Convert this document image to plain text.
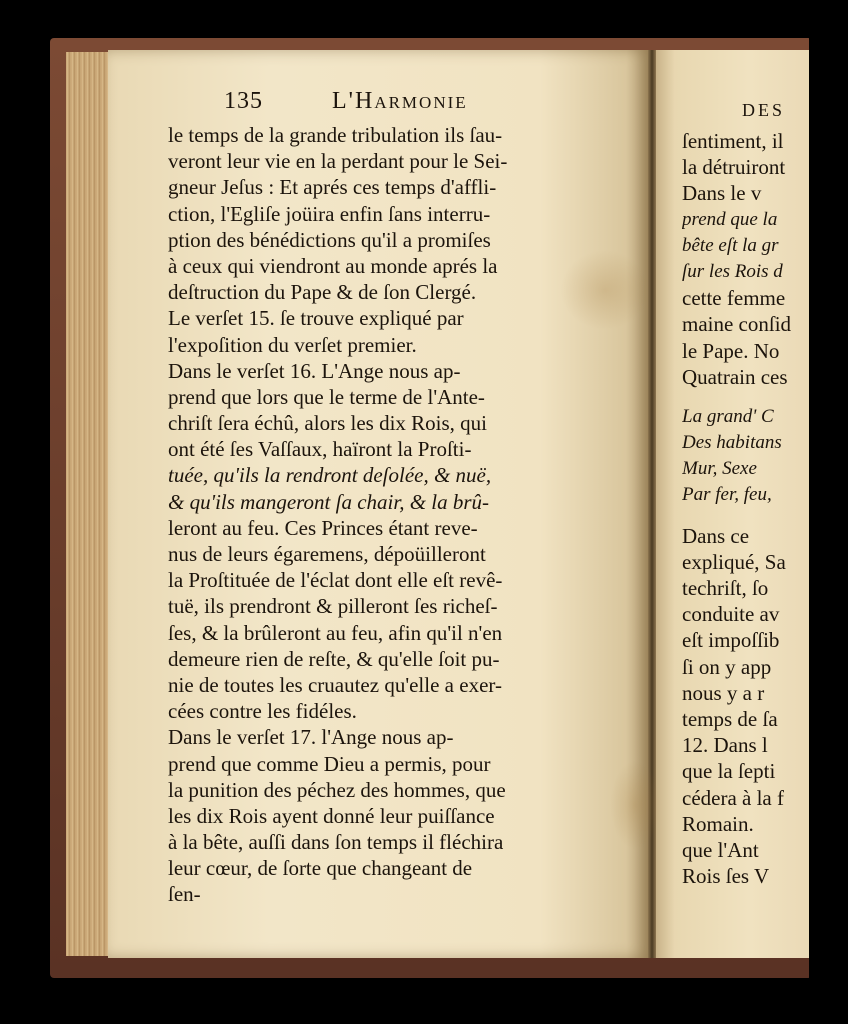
135	L'Harmonie
le temps de la grande tribulation ils ſau-
veront leur vie en la perdant pour le Sei-
gneur Jeſus : Et aprés ces temps d'affli-
ction, l'Egliſe joüira enfin ſans interru-
ption des bénédictions qu'il a promiſes
à ceux qui viendront au monde aprés la
deſtruction du Pape & de ſon Clergé.
Le verſet 15. ſe trouve expliqué par
l'expoſition du verſet premier.
Dans le verſet 16. L'Ange nous ap-
prend que lors que le terme de l'Ante-
chriſt ſera échû, alors les dix Rois, qui
ont été ſes Vaſſaux, haïront la Proſti-
tuée, qu'ils la rendront deſolée, & nuë,
& qu'ils mangeront ſa chair, & la brû-
leront au feu. Ces Princes étant reve-
nus de leurs égaremens, dépoüilleront
la Proſtituée de l'éclat dont elle eſt revê-
tuë, ils prendront & pilleront ſes richeſ-
ſes, & la brûleront au feu, afin qu'il n'en
demeure rien de reſte, & qu'elle ſoit pu-
nie de toutes les cruautez qu'elle a exer-
cées contre les fidéles.
Dans le verſet 17. l'Ange nous ap-
prend que comme Dieu a permis, pour
la punition des péchez des hommes, que
les dix Rois ayent donné leur puiſſance
à la bête, auſſi dans ſon temps il fléchira
leur cœur, de ſorte que changeant de
ſen-
DES
ſentiment, il
la détruiront
Dans le v
prend que la
bête eſt la gr
ſur les Rois d
cette femme
maine conſid
le Pape. No
Quatrain ces
La grand' C
Des habitans
Mur, Sexe
Par fer, feu,
Dans ce
expliqué, Sa
techriſt, ſo
conduite av
eſt impoſſib
ſi on y app
nous y a r
temps de ſa
12. Dans l
que la ſepti
cédera à la f
Romain.
que l'Ant
Rois ſes V
